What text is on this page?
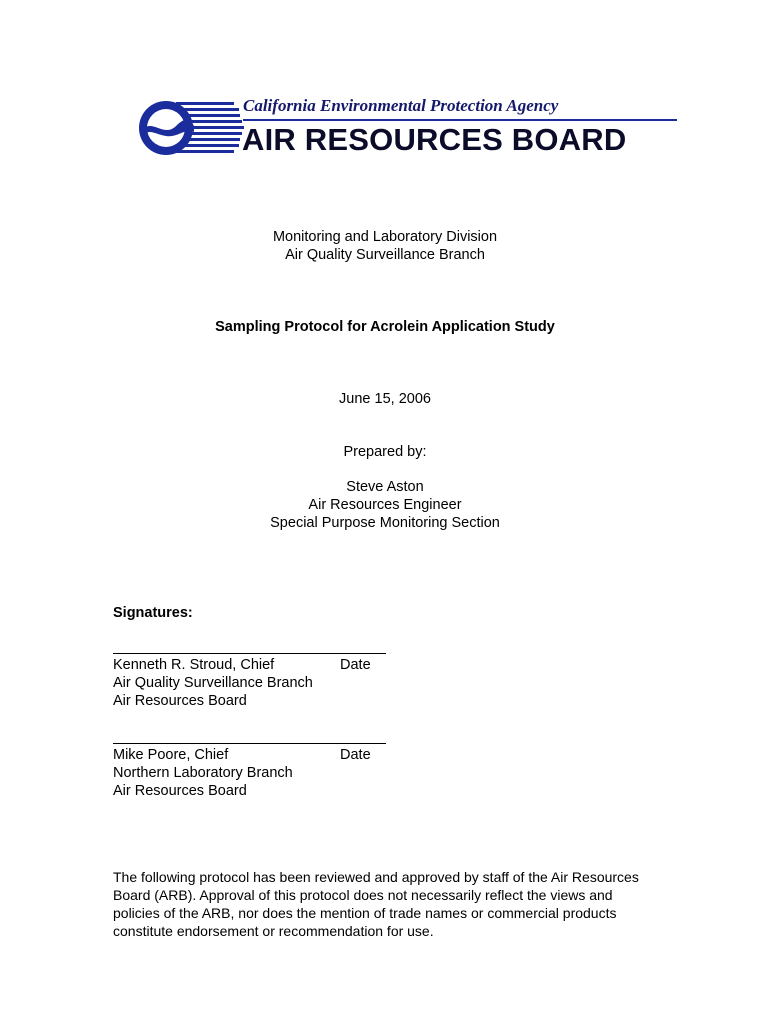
California Environmental Protection Agency
AIR RESOURCES BOARD
Monitoring and Laboratory Division
Air Quality Surveillance Branch
Sampling Protocol for Acrolein Application Study
June 15, 2006
Prepared by:
Steve Aston
Air Resources Engineer
Special Purpose Monitoring Section
Signatures:
Kenneth R. Stroud, Chief
Air Quality Surveillance Branch
Air Resources Board
Date
Mike Poore, Chief
Northern Laboratory Branch
Air Resources Board
Date
The following protocol has been reviewed and approved by staff of the Air Resources Board (ARB). Approval of this protocol does not necessarily reflect the views and policies of the ARB, nor does the mention of trade names or commercial products constitute endorsement or recommendation for use.
